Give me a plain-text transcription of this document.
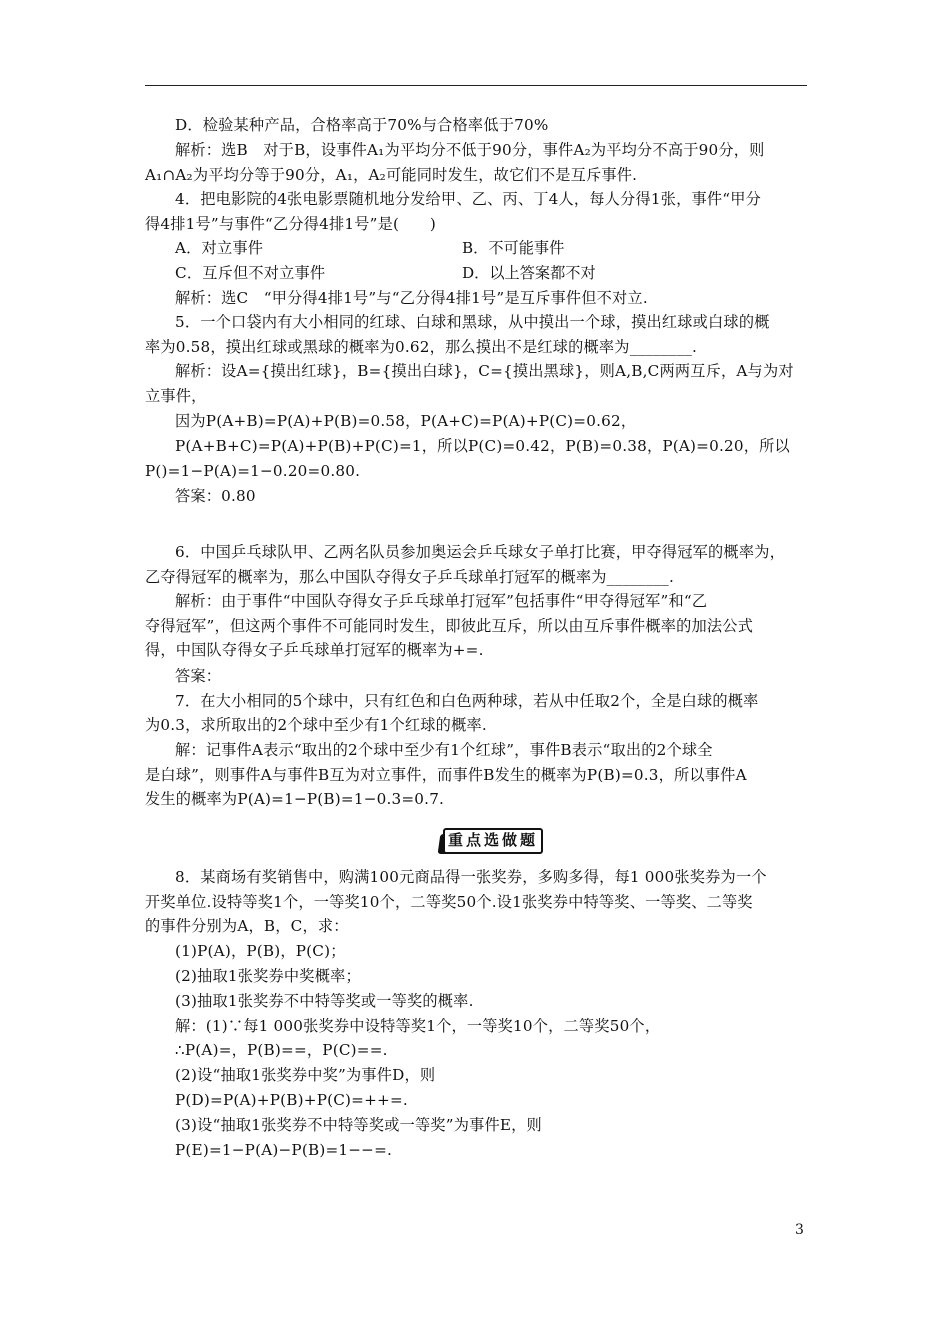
D．检验某种产品，合格率高于70%与合格率低于70%
解析：选B　对于B，设事件A₁为平均分不低于90分，事件A₂为平均分不高于90分，则
A₁∩A₂为平均分等于90分，A₁，A₂可能同时发生，故它们不是互斥事件.
4．把电影院的4张电影票随机地分发给甲、乙、丙、丁4人，每人分得1张，事件“甲分
得4排1号”与事件“乙分得4排1号”是(　　)
A．对立事件
C．互斥但不对立事件
解析：选C　“甲分得4排1号”与“乙分得4排1号”是互斥事件但不对立.
5．一个口袋内有大小相同的红球、白球和黑球，从中摸出一个球，摸出红球或白球的概
率为0.58，摸出红球或黑球的概率为0.62，那么摸出不是红球的概率为________.
解析：设A={摸出红球}，B={摸出白球}，C={摸出黑球}，则A,B,C两两互斥，A与为对
立事件，
因为P(A+B)=P(A)+P(B)=0.58，P(A+C)=P(A)+P(C)=0.62，
P(A+B+C)=P(A)+P(B)+P(C)=1，所以P(C)=0.42，P(B)=0.38，P(A)=0.20，所以
P()=1−P(A)=1−0.20=0.80.
答案：0.80
6．中国乒乓球队甲、乙两名队员参加奥运会乒乓球女子单打比赛，甲夺得冠军的概率为，
乙夺得冠军的概率为，那么中国队夺得女子乒乓球单打冠军的概率为________.
解析：由于事件“中国队夺得女子乒乓球单打冠军”包括事件“甲夺得冠军”和“乙
夺得冠军”，但这两个事件不可能同时发生，即彼此互斥，所以由互斥事件概率的加法公式
得，中国队夺得女子乒乓球单打冠军的概率为+=.
答案：
7．在大小相同的5个球中，只有红色和白色两种球，若从中任取2个，全是白球的概率
为0.3，求所取出的2个球中至少有1个红球的概率.
解：记事件A表示“取出的2个球中至少有1个红球”，事件B表示“取出的2个球全
是白球”，则事件A与事件B互为对立事件，而事件B发生的概率为P(B)=0.3，所以事件A
发生的概率为P(A)=1−P(B)=1−0.3=0.7.
8．某商场有奖销售中，购满100元商品得一张奖券，多购多得，每1 000张奖券为一个
开奖单位.设特等奖1个，一等奖10个，二等奖50个.设1张奖券中特等奖、一等奖、二等奖
的事件分别为A，B，C，求：
(1)P(A)，P(B)，P(C)；
(2)抽取1张奖券中奖概率；
(3)抽取1张奖券不中特等奖或一等奖的概率.
解：(1)∵每1 000张奖券中设特等奖1个，一等奖10个，二等奖50个，
∴P(A)=，P(B)==，P(C)==.
(2)设“抽取1张奖券中奖”为事件D，则
P(D)=P(A)+P(B)+P(C)=++=.
(3)设“抽取1张奖券不中特等奖或一等奖”为事件E，则
P(E)=1−P(A)−P(B)=1−−=.
B．不可能事件
D．以上答案都不对
重点选做题
3
